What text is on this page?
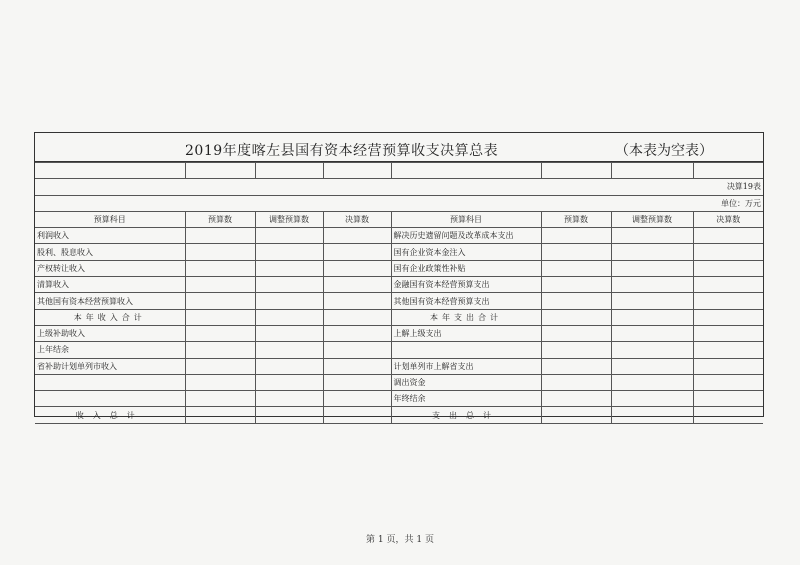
2019年度喀左县国有资本经营预算收支决算总表	（本表为空表）

决算19表							
单位：万元							
预算科目	预算数	调整预算数	决算数	预算科目	预算数	调整预算数	决算数
利润收入				解决历史遗留问题及改革成本支出			
股利、股息收入				国有企业资本金注入			
产权转让收入				国有企业政策性补贴			
清算收入				金融国有资本经营预算支出			
其他国有资本经营预算收入				其他国有资本经营预算支出			
本年收入合计				本年支出合计			
上级补助收入				上解上级支出			
上年结余							
省补助计划单列市收入				计划单列市上解省支出			
				调出资金			
				年终结余			
收入总计				支出总计			
第 1 页，共 1 页
